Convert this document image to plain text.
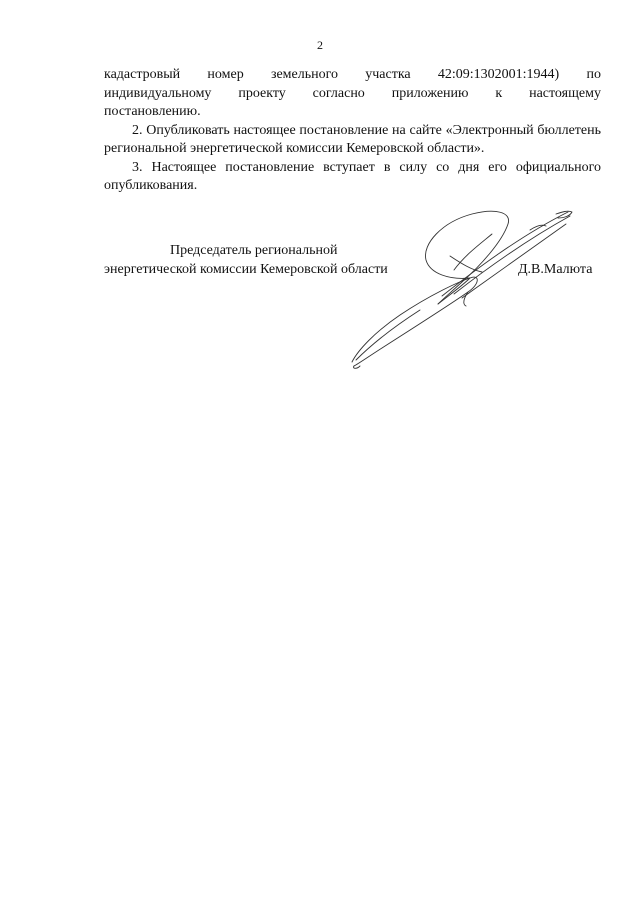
2

кадастровый номер земельного участка 42:09:1302001:1944) по

индивидуальному проекту согласно приложению к настоящему

постановлению.

2. Опубликовать настоящее постановление на сайте «Электронный бюллетень региональной энергетической комиссии Кемеровской области».

3. Настоящее постановление вступает в силу со дня его официального опубликования.

Председатель региональной
энергетической комиссии Кемеровской области	Д.В.Малюта
